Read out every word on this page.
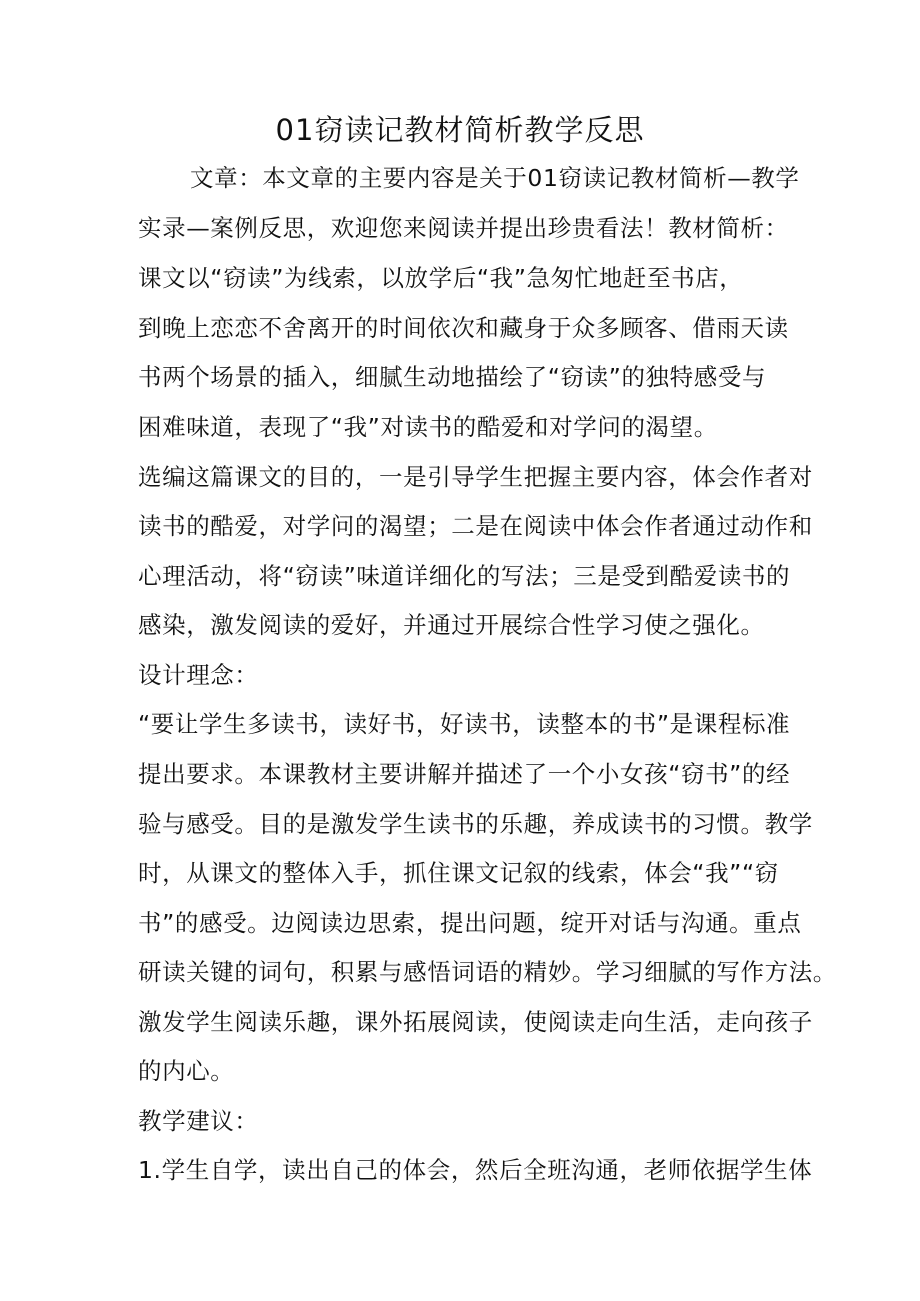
01窃读记教材简析教学反思
文章：本文章的主要内容是关于01窃读记教材简析—教学
实录—案例反思，欢迎您来阅读并提出珍贵看法！教材简析：
课文以“窃读”为线索，以放学后“我”急匆忙地赶至书店，
到晚上恋恋不舍离开的时间依次和藏身于众多顾客、借雨天读
书两个场景的插入，细腻生动地描绘了“窃读”的独特感受与
困难味道，表现了“我”对读书的酷爱和对学问的渴望。
选编这篇课文的目的，一是引导学生把握主要内容，体会作者对
读书的酷爱，对学问的渴望；二是在阅读中体会作者通过动作和
心理活动，将“窃读”味道详细化的写法；三是受到酷爱读书的
感染，激发阅读的爱好，并通过开展综合性学习使之强化。
设计理念：
“要让学生多读书，读好书，好读书，读整本的书”是课程标准
提出要求。本课教材主要讲解并描述了一个小女孩“窃书”的经
验与感受。目的是激发学生读书的乐趣，养成读书的习惯。教学
时，从课文的整体入手，抓住课文记叙的线索，体会“我”“窃
书”的感受。边阅读边思索，提出问题，绽开对话与沟通。重点
研读关键的词句，积累与感悟词语的精妙。学习细腻的写作方法。
激发学生阅读乐趣，课外拓展阅读，使阅读走向生活，走向孩子
的内心。
教学建议：
1.学生自学，读出自己的体会，然后全班沟通，老师依据学生体
